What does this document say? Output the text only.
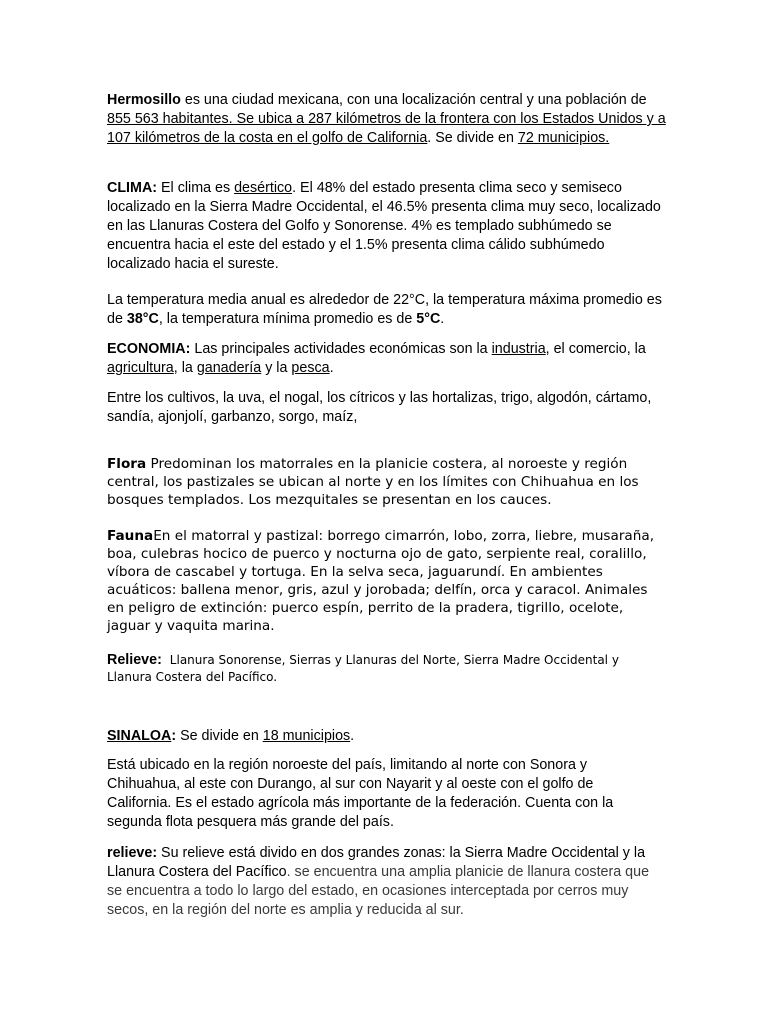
Hermosillo es una ciudad mexicana, con una localización central y una población de 855 563 habitantes. Se ubica a 287 kilómetros de la frontera con los Estados Unidos y a 107 kilómetros de la costa en el golfo de California. Se divide en 72 municipios.

CLIMA: El clima es desértico. El 48% del estado presenta clima seco y semiseco localizado en la Sierra Madre Occidental, el 46.5% presenta clima muy seco, localizado en las Llanuras Costera del Golfo y Sonorense. 4% es templado subhúmedo se encuentra hacia el este del estado y el 1.5% presenta clima cálido subhúmedo localizado hacia el sureste.

La temperatura media anual es alrededor de 22°C, la temperatura máxima promedio es de 38°C, la temperatura mínima promedio es de 5°C.

ECONOMIA: Las principales actividades económicas son la industria, el comercio, la agricultura, la ganadería y la pesca.

Entre los cultivos, la uva, el nogal, los cítricos y las hortalizas, trigo, algodón, cártamo, sandía, ajonjolí, garbanzo, sorgo, maíz,

Flora Predominan los matorrales en la planicie costera, al noroeste y región central, los pastizales se ubican al norte y en los límites con Chihuahua en los bosques templados. Los mezquitales se presentan en los cauces.

FaunaEn el matorral y pastizal: borrego cimarrón, lobo, zorra, liebre, musaraña, boa, culebras hocico de puerco y nocturna ojo de gato, serpiente real, coralillo, víbora de cascabel y tortuga. En la selva seca, jaguarundí. En ambientes acuáticos: ballena menor, gris, azul y jorobada; delfín, orca y caracol. Animales en peligro de extinción: puerco espín, perrito de la pradera, tigrillo, ocelote, jaguar y vaquita marina.

Relieve: Llanura Sonorense, Sierras y Llanuras del Norte, Sierra Madre Occidental y Llanura Costera del Pacífico.

SINALOA: Se divide en 18 municipios.

Está ubicado en la región noroeste del país, limitando al norte con Sonora y Chihuahua, al este con Durango, al sur con Nayarit y al oeste con el golfo de California. Es el estado agrícola más importante de la federación. Cuenta con la segunda flota pesquera más grande del país.

relieve: Su relieve está divido en dos grandes zonas: la Sierra Madre Occidental y la Llanura Costera del Pacífico. se encuentra una amplia planicie de llanura costera que se encuentra a todo lo largo del estado, en ocasiones interceptada por cerros muy secos, en la región del norte es amplia y reducida al sur.
